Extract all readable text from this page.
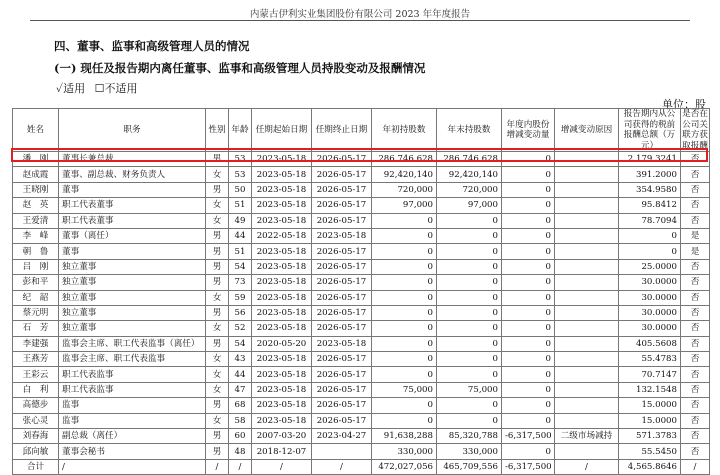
内蒙古伊利实业集团股份有限公司 2023 年年度报告
四、董事、监事和高级管理人员的情况
(一) 现任及报告期内离任董事、监事和高级管理人员持股变动及报酬情况
✓适用 ☐不适用
单位：股
姓名	职务	性别	年龄	任期起始日期	任期终止日期	年初持股数	年末持股数	年度内股份增减变动量	增减变动原因	报告期内从公司获得的税前报酬总额（万元）	是否在公司关联方获取报酬
潘　刚	董事长兼总裁	男	53	2023-05-18	2026-05-17	286,746,628	286,746,628	0		2,179.3241	否
赵成霞	董事、副总裁、财务负责人	女	53	2023-05-18	2026-05-17	92,420,140	92,420,140	0		391.2000	否
王晓刚	董事	男	50	2023-05-18	2026-05-17	720,000	720,000	0		354.9580	否
赵　英	职工代表董事	女	51	2023-05-18	2026-05-17	97,000	97,000	0		95.8412	否
王爱清	职工代表董事	女	49	2023-05-18	2026-05-17	0	0	0		78.7094	否
李　峰	董事（离任）	男	44	2022-05-18	2023-05-18	0	0	0		0	是
朝　鲁	董事	男	51	2023-05-18	2026-05-17	0	0	0		0	是
吕　刚	独立董事	男	54	2023-05-18	2026-05-17	0	0	0		25.0000	否
彭和平	独立董事	男	73	2023-05-18	2026-05-17	0	0	0		30.0000	否
纪　韶	独立董事	女	59	2023-05-18	2026-05-17	0	0	0		30.0000	否
蔡元明	独立董事	男	56	2023-05-18	2026-05-17	0	0	0		30.0000	否
石　芳	独立董事	女	52	2023-05-18	2026-05-17	0	0	0		30.0000	否
李建强	监事会主席、职工代表监事（离任）	男	54	2020-05-20	2023-05-18	0	0	0		405.5608	否
王燕芳	监事会主席、职工代表监事	女	43	2023-05-18	2026-05-17	0	0	0		55.4783	否
王彩云	职工代表监事	女	44	2023-05-18	2026-05-17	0	0	0		70.7147	否
白　利	职工代表监事	女	47	2023-05-18	2026-05-17	75,000	75,000	0		132.1548	否
高德步	监事	男	68	2023-05-18	2026-05-17	0	0	0		15.0000	否
张心灵	监事	女	58	2023-05-18	2026-05-17	0	0	0		15.0000	否
刘春海	副总裁（离任）	男	60	2007-03-20	2023-04-27	91,638,288	85,320,788	-6,317,500	二级市场减持	571.3783	否
邱向敏	董事会秘书	男	48	2018-12-07		330,000	330,000	0		55.5450	否
合计	/	/	/	/	/	472,027,056	465,709,556	-6,317,500	/	4,565.8646	/
